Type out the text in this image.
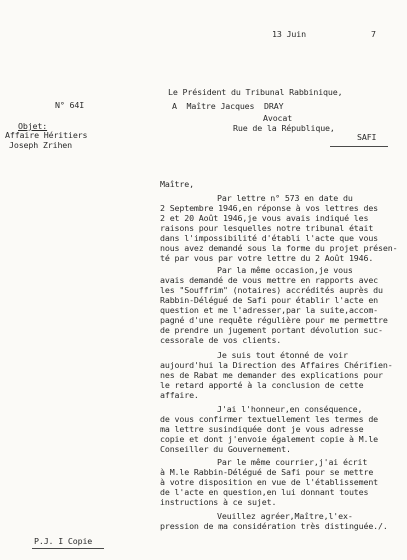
13 Juin	7
N° 64I
Objet:
Affaire Héritiers
Joseph Zrihen
Le Président du Tribunal Rabbinique,
A  Maître Jacques  DRAY
Avocat
Rue de la République,
SAFI
Maître,
Par lettre n° 573 en date du
2 Septembre 1946,en réponse à vos lettres des
2 et 20 Août 1946,je vous avais indiqué les
raisons pour lesquelles notre tribunal était
dans l'impossibilité d'établi l'acte que vous
nous avez demandé sous la forme du projet présen-
té par vous par votre lettre du 2 Août 1946.
Par la même occasion,je vous
avais demandé de vous mettre en rapports avec
les "Souffrim" (notaires) accrédités auprès du
Rabbin-Délégué de Safi pour établir l'acte en
question et me l'adresser,par la suite,accom-
pagné d'une requête régulière pour me permettre
de prendre un jugement portant dévolution suc-
cessorale de vos clients.
Je suis tout étonné de voir
aujourd'hui la Direction des Affaires Chérifien-
nes de Rabat me demander des explications pour
le retard apporté à la conclusion de cette
affaire.
J'ai l'honneur,en conséquence,
de vous confirmer textuellement les termes de
ma lettre susindiquée dont je vous adresse
copie et dont j'envoie également copie à M.le
Conseiller du Gouvernement.
Par le même courrier,j'ai écrit
à M.le Rabbin-Délégué de Safi pour se mettre
à votre disposition en vue de l'établissement
de l'acte en question,en lui donnant toutes
instructions à ce sujet.
Veuillez agréer,Maître,l'ex-
pression de ma considération très distinguée./.
P.J. I Copie
